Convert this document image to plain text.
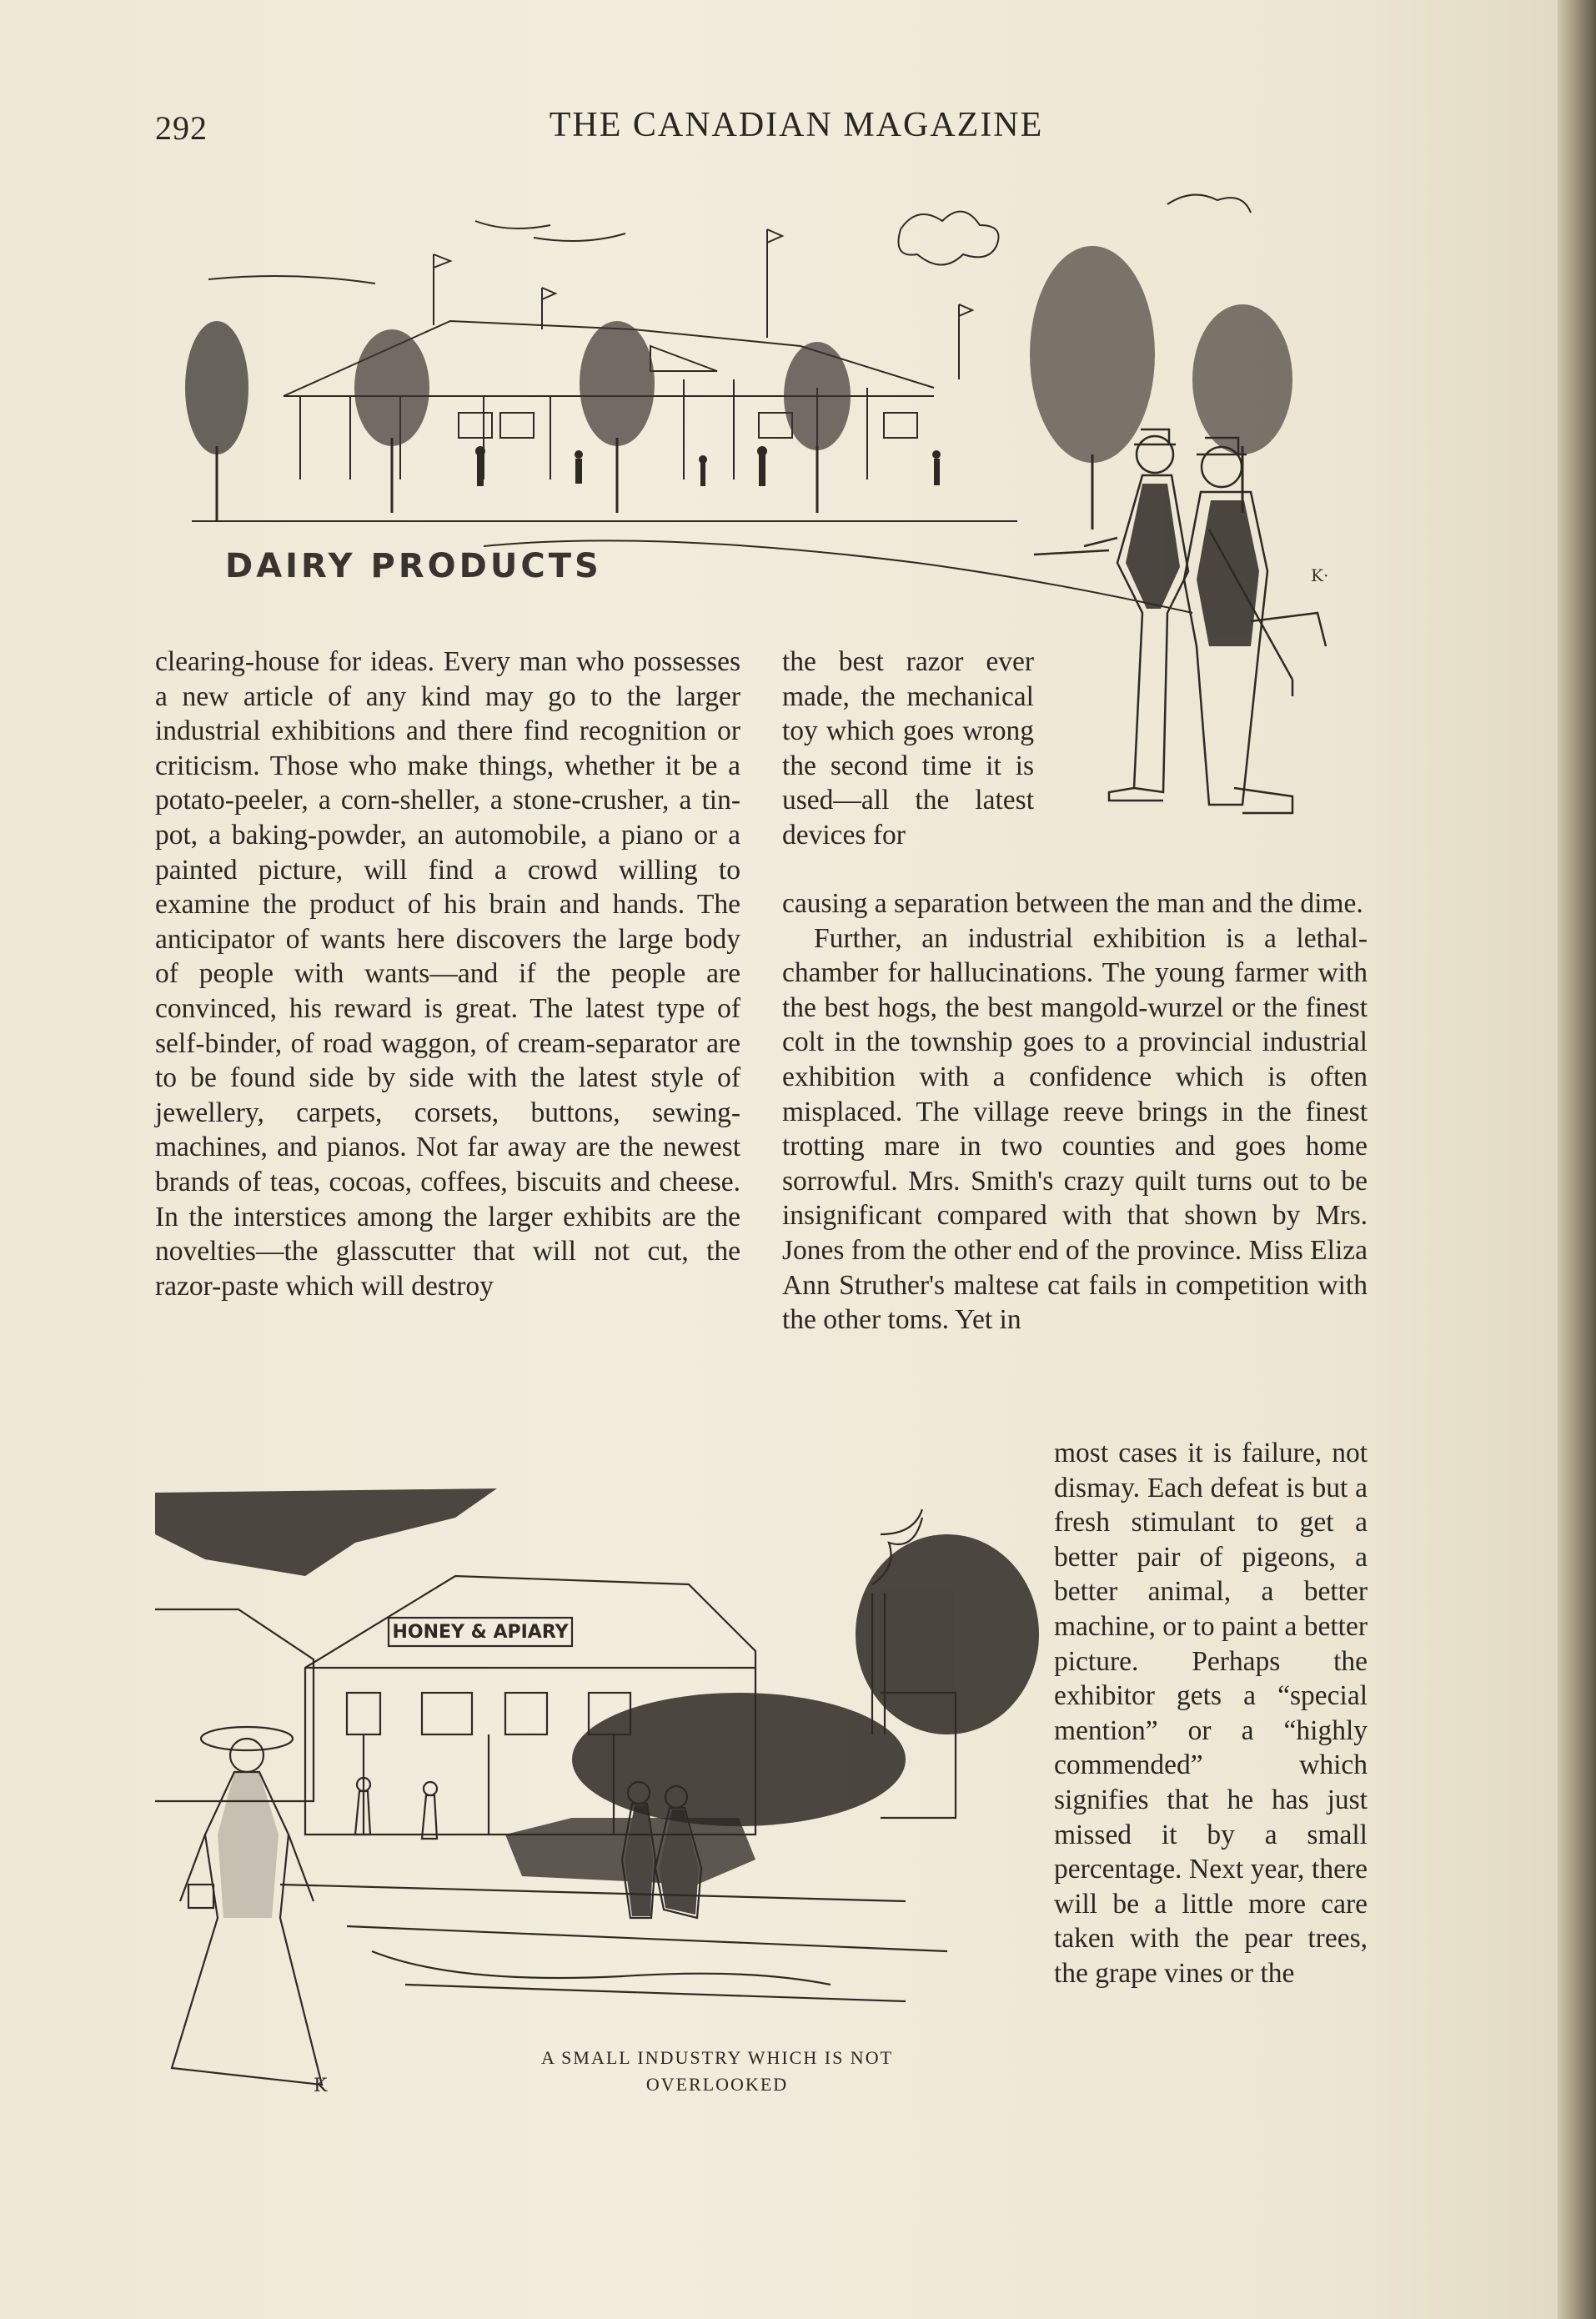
292	THE CANADIAN MAGAZINE
K·
DAIRY PRODUCTS

clearing-house for ideas. Every man who possesses a new article of any kind may go to the larger industrial exhibitions and there find recognition or criticism. Those who make things, whether it be a potato-peeler, a corn-sheller, a stone-crusher, a tin-pot, a baking-powder, an automobile, a piano or a painted picture, will find a crowd willing to examine the product of his brain and hands. The anticipator of wants here discovers the large body of people with wants—and if the people are convinced, his reward is great. The latest type of self-binder, of road waggon, of cream-separator are to be found side by side with the latest style of jewellery, carpets, corsets, buttons, sewing-machines, and pianos. Not far away are the newest brands of teas, cocoas, coffees, biscuits and cheese. In the interstices among the larger exhibits are the novelties—the glasscutter that will not cut, the razor-paste which will destroy

the best razor ever made, the mechanical toy which goes wrong the second time it is used—all the latest devices for

causing a separation between the man and the dime.

Further, an industrial exhibition is a lethal-chamber for hallucinations. The young farmer with the best hogs, the best mangold-wurzel or the finest colt in the township goes to a provincial industrial exhibition with a confidence which is often misplaced. The village reeve brings in the finest trotting mare in two counties and goes home sorrowful. Mrs. Smith's crazy quilt turns out to be insignificant compared with that shown by Mrs. Jones from the other end of the province. Miss Eliza Ann Struther's maltese cat fails in competition with the other toms. Yet in

most cases it is failure, not dismay. Each defeat is but a fresh stimulant to get a better pair of pigeons, a better animal, a better machine, or to paint a better picture. Perhaps the exhibitor gets a “special mention” or a “highly commended” which signifies that he has just missed it by a small percentage. Next year, there will be a little more care taken with the pear trees, the grape vines or the

HONEY & APIARY
K
A SMALL INDUSTRY WHICH IS NOT
OVERLOOKED
